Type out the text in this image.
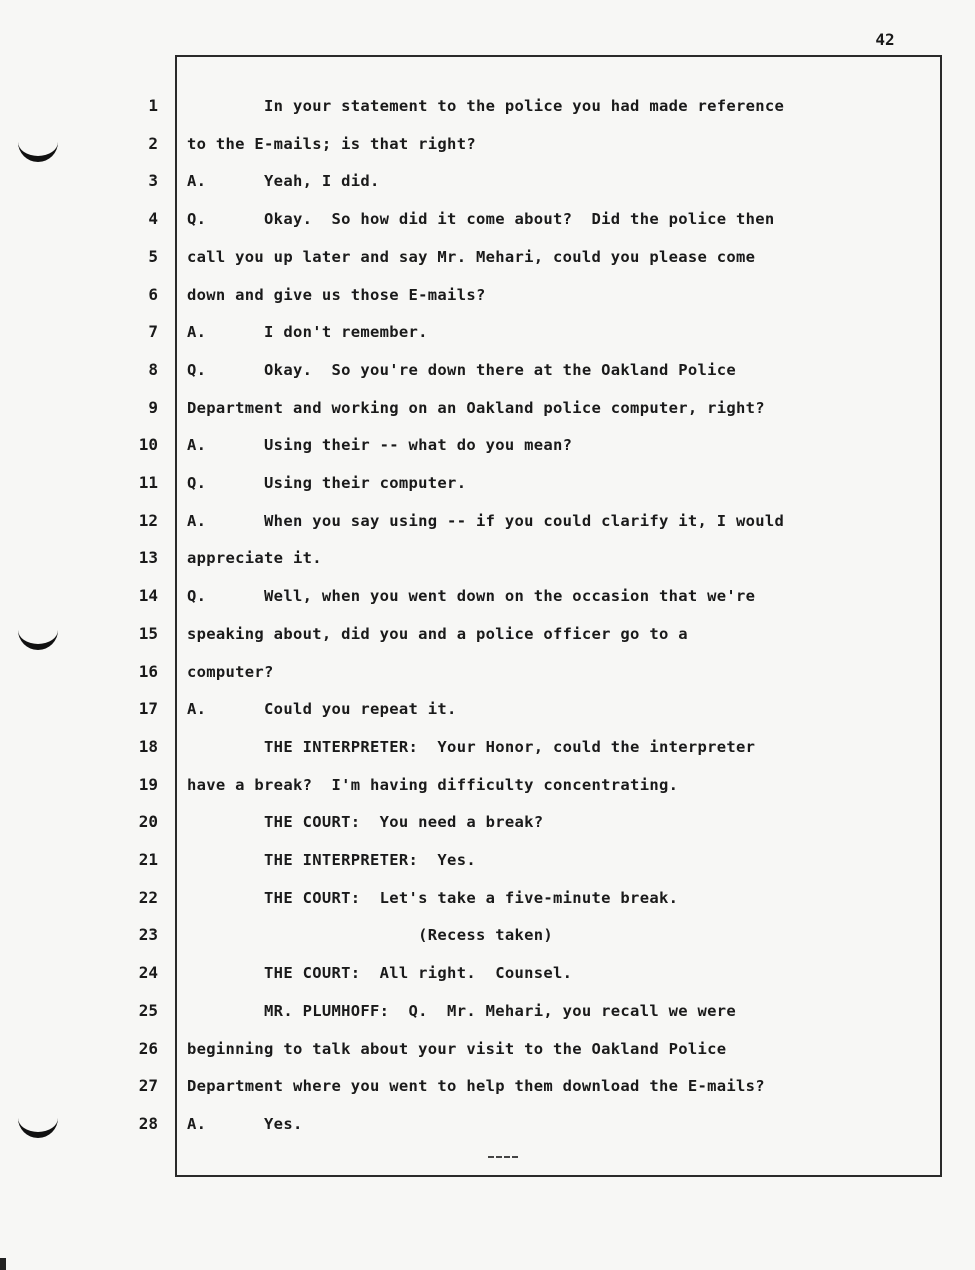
42
1 In your statement to the police you had made reference
2 to the E-mails; is that right?
3 A.      Yeah, I did.
4 Q.      Okay.  So how did it come about?  Did the police then
5 call you up later and say Mr. Mehari, could you please come
6 down and give us those E-mails?
7 A.      I don't remember.
8 Q.      Okay.  So you're down there at the Oakland Police
9 Department and working on an Oakland police computer, right?
10 A.      Using their -- what do you mean?
11 Q.      Using their computer.
12 A.      When you say using -- if you could clarify it, I would
13 appreciate it.
14 Q.      Well, when you went down on the occasion that we're
15 speaking about, did you and a police officer go to a
16 computer?
17 A.      Could you repeat it.
18 THE INTERPRETER:  Your Honor, could the interpreter
19 have a break?  I'm having difficulty concentrating.
20 THE COURT:  You need a break?
21 THE INTERPRETER:  Yes.
22 THE COURT:  Let's take a five-minute break.
23 (Recess taken)
24 THE COURT:  All right.  Counsel.
25 MR. PLUMHOFF:  Q.  Mr. Mehari, you recall we were
26 beginning to talk about your visit to the Oakland Police
27 Department where you went to help them download the E-mails?
28 A.      Yes.
